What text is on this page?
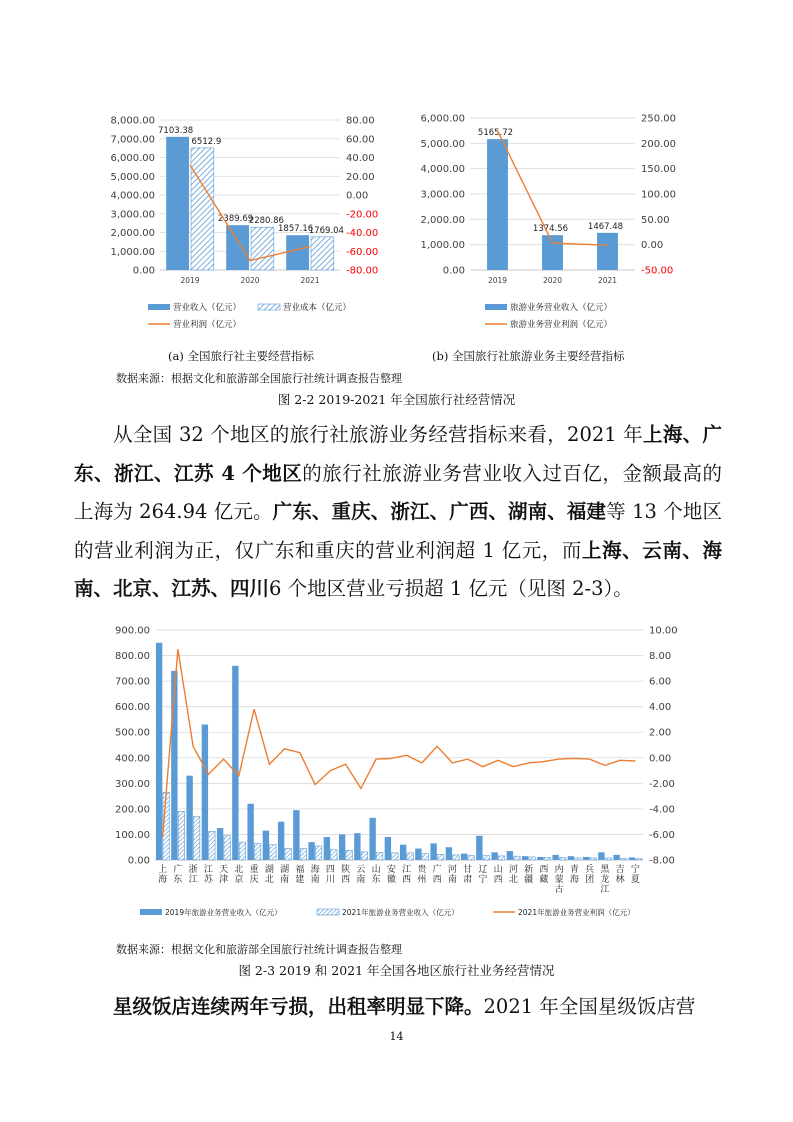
8,000.00
7,000.00
6,000.00
5,000.00
4,000.00
3,000.00
2,000.00
1,000.00
0.00
80.00
60.00
40.00
20.00
0.00
-20.00
-40.00
-60.00
-80.00
7103.38
6512.9
2389.69
2280.86
1857.16
1769.04
2019	2020	2021
营业收入（亿元）	营业成本（亿元）
营业利润（亿元）
6,000.00
5,000.00
4,000.00
3,000.00
2,000.00
1,000.00
0.00
250.00
200.00
150.00
100.00
50.00
0.00
-50.00
5165.72
1374.56 1467.48
2019	2020	2021
旅游业务营业收入（亿元）
旅游业务营业利润（亿元）
(a) 全国旅行社主要经营指标	(b) 全国旅行社旅游业务主要经营指标
数据来源：根据文化和旅游部全国旅行社统计调查报告整理
图 2-2 2019-2021 年全国旅行社经营情况
从全国 32 个地区的旅行社旅游业务经营指标来看，2021 年上海、广东、浙江、江苏 4 个地区的旅行社旅游业务营业收入过百亿，金额最高的上海为 264.94 亿元。广东、重庆、浙江、广西、湖南、福建等 13 个地区的营业利润为正，仅广东和重庆的营业利润超 1 亿元，而上海、云南、海南、北京、江苏、四川6 个地区营业亏损超 1 亿元（见图 2-3）。
900.00
800.00
700.00
600.00
500.00
400.00
300.00
200.00
100.00
0.00
10.00
8.00
6.00
4.00
2.00
0.00
-2.00
-4.00
-6.00
-8.00
上
海
广
东
浙
江
江
苏
天
津
北
京
重
庆
湖
北
湖
南
福
建
海
南
四
川
陕
西
云
南
山
东
安
徽
江
西
贵
州
广
西
河
南
甘
肃
辽
宁
山
西
河
北
新
疆
西
藏
内
蒙
古
青
海
兵
团
黑
龙
江
吉
林
宁
夏
2019年旅游业务营业收入（亿元）	2021年旅游业务营业收入（亿元）	2021年旅游业务营业利润（亿元）
数据来源：根据文化和旅游部全国旅行社统计调查报告整理
图 2-3 2019 和 2021 年全国各地区旅行社业务经营情况
星级饭店连续两年亏损，出租率明显下降。2021 年全国星级饭店营
14
